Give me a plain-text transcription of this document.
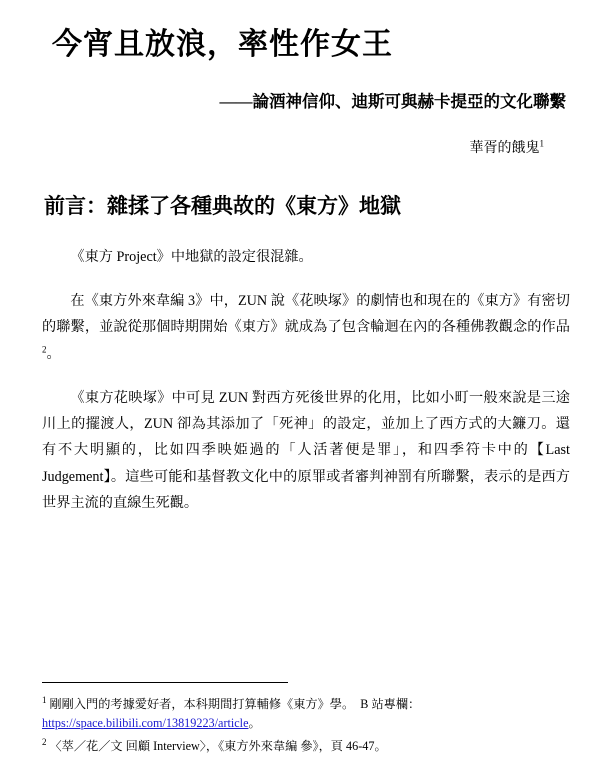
今宵且放浪，率性作女王
——論酒神信仰、迪斯可與赫卡提亞的文化聯繫
華胥的餓鬼$^1$
前言：雜揉了各種典故的《東方》地獄

《東方 Project》中地獄的設定很混雜。

在《東方外來韋編 3》中，ZUN 說《花映塚》的劇情也和現在的《東方》有密切的聯繫，並說從那個時期開始《東方》就成為了包含輪迴在內的各種佛教觀念的作品$^2$。

《東方花映塚》中可見 ZUN 對西方死後世界的化用，比如小町一般來說是三途川上的擺渡人，ZUN 卻為其添加了「死神」的設定，並加上了西方式的大鐮刀。還有不大明顯的，比如四季映姫過的「人活著便是罪」，和四季符卡中的【Last Judgement】。這些可能和基督教文化中的原罪或者審判神罰有所聯繫，表示的是西方世界主流的直線生死觀。

$^1$ 剛剛入門的考據愛好者，本科期間打算輔修《東方》學。　B 站專欄：
https://space.bilibili.com/13819223/article。
$^2$ 〈萃／花／文 回顧 Interview〉，《東方外來韋編 參》，頁 46-47。
